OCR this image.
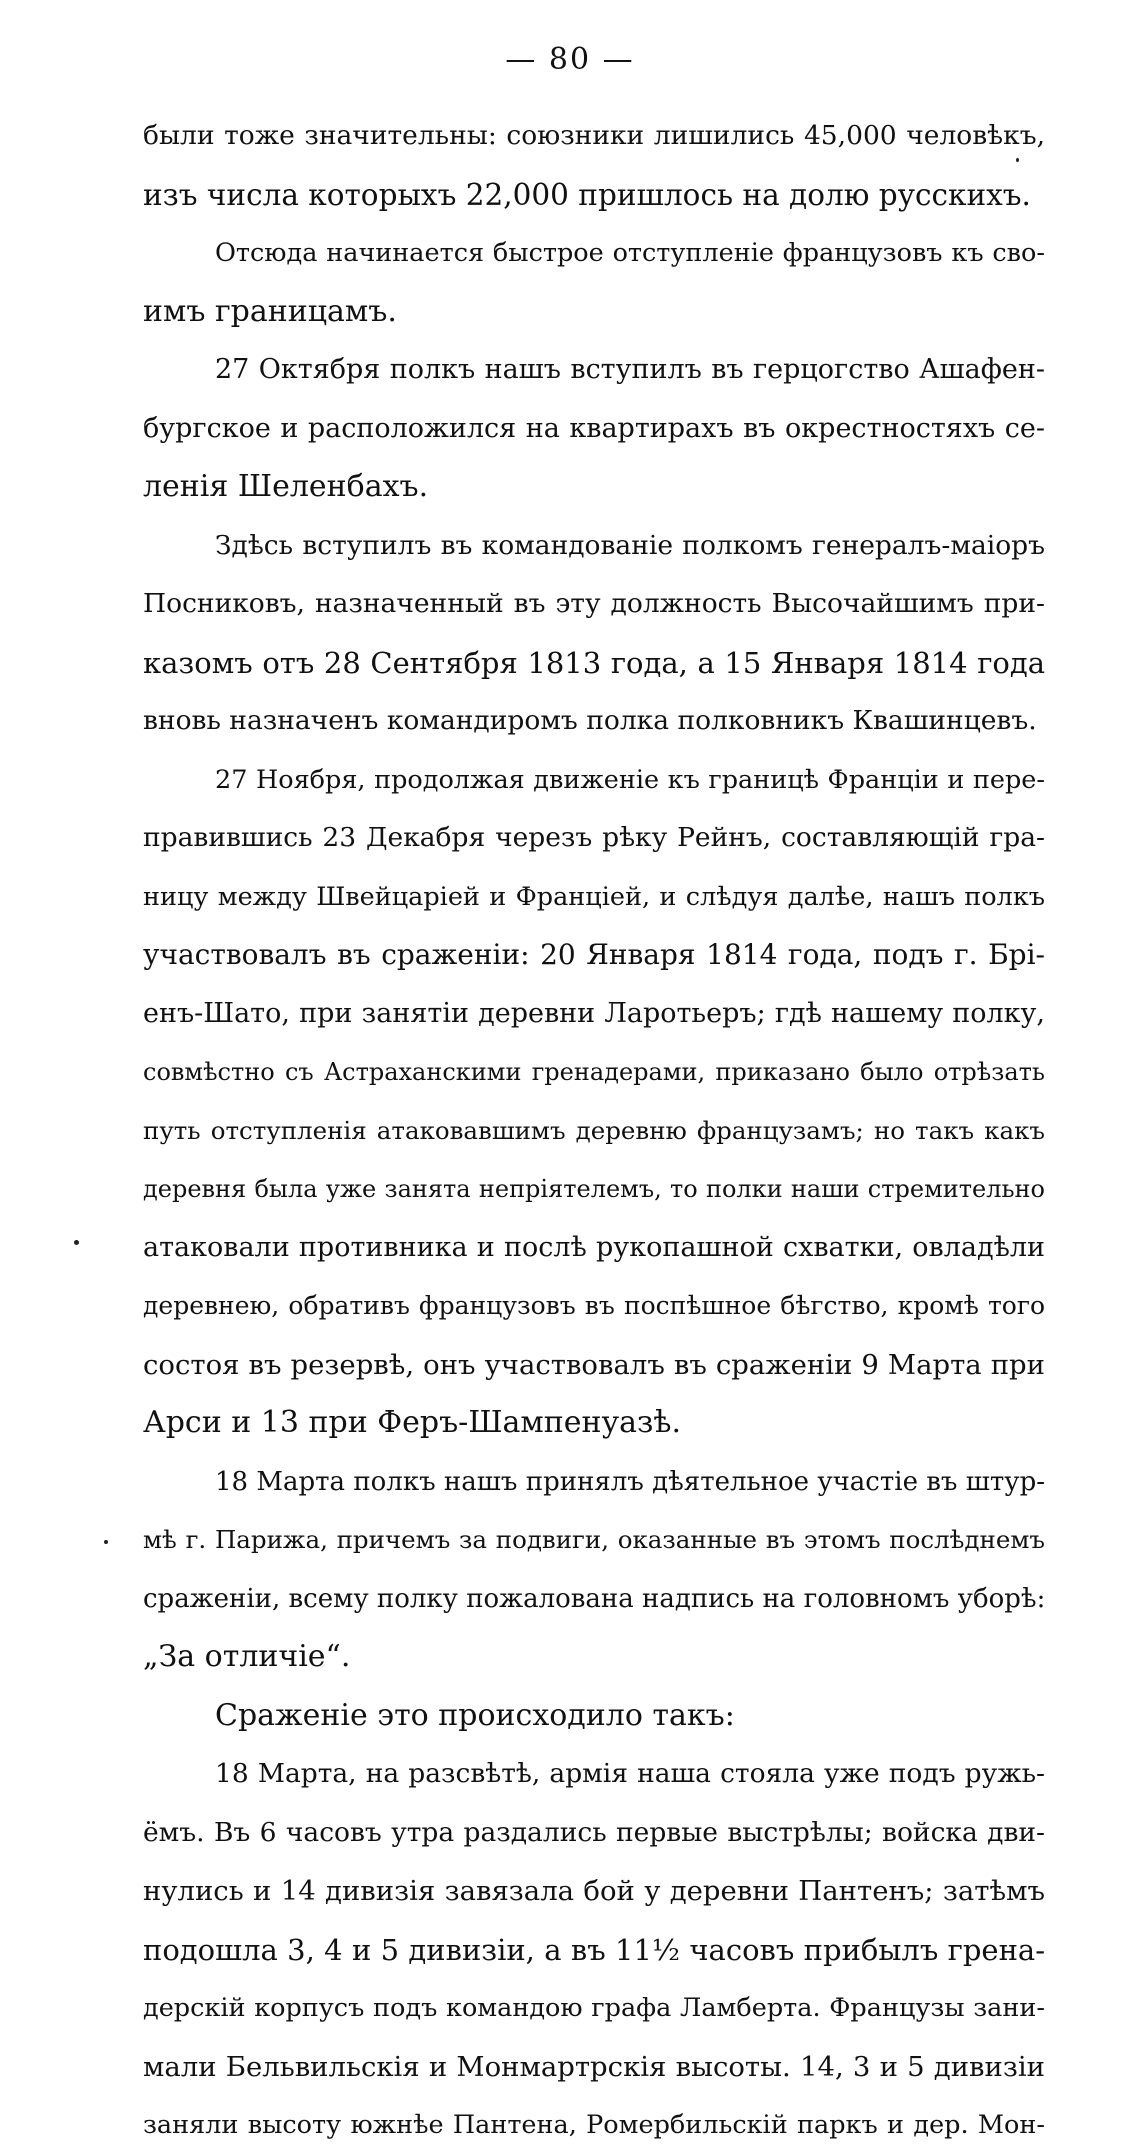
— 80 —
были тоже значительны: союзники лишились 45,000 человѣкъ,
изъ числа которыхъ 22,000 пришлось на долю русскихъ.
Отсюда начинается быстрое отступленіе французовъ къ сво-
имъ границамъ.
27 Октября полкъ нашъ вступилъ въ герцогство Ашафен-
бургское и расположился на квартирахъ въ окрестностяхъ се-
ленія Шеленбахъ.
Здѣсь вступилъ въ командованіе полкомъ генералъ-маіоръ
Посниковъ, назначенный въ эту должность Высочайшимъ при-
казомъ отъ 28 Сентября 1813 года, а 15 Января 1814 года
вновь назначенъ командиромъ полка полковникъ Квашинцевъ.
27 Ноября, продолжая движеніе къ границѣ Франціи и пере-
правившись 23 Декабря черезъ рѣку Рейнъ, составляющій гра-
ницу между Швейцаріей и Франціей, и слѣдуя далѣе, нашъ полкъ
участвовалъ въ сраженіи: 20 Января 1814 года, подъ г. Брі-
енъ-Шато, при занятіи деревни Ларотьеръ; гдѣ нашему полку,
совмѣстно съ Астраханскими гренадерами, приказано было отрѣзать
путь отступленія атаковавшимъ деревню французамъ; но такъ какъ
деревня была уже занята непріятелемъ, то полки наши стремительно
атаковали противника и послѣ рукопашной схватки, овладѣли
деревнею, обративъ французовъ въ поспѣшное бѣгство, кромѣ того
состоя въ резервѣ, онъ участвовалъ въ сраженіи 9 Марта при
Арси и 13 при Феръ-Шампенуазѣ.
18 Марта полкъ нашъ принялъ дѣятельное участіе въ штур-
мѣ г. Парижа, причемъ за подвиги, оказанные въ этомъ послѣднемъ
сраженіи, всему полку пожалована надпись на головномъ уборѣ:
„За отличіе“.
Сраженіе это происходило такъ:
18 Марта, на разсвѣтѣ, армія наша стояла уже подъ ружь-
ёмъ. Въ 6 часовъ утра раздались первые выстрѣлы; войска дви-
нулись и 14 дивизія завязала бой у деревни Пантенъ; затѣмъ
подошла 3, 4 и 5 дивизіи, а въ 11½ часовъ прибылъ грена-
дерскій корпусъ подъ командою графа Ламберта. Французы зани-
мали Бельвильскія и Монмартрскія высоты. 14, 3 и 5 дивизіи
заняли высоту южнѣе Пантена, Ромербильскій паркъ и дер. Мон-
